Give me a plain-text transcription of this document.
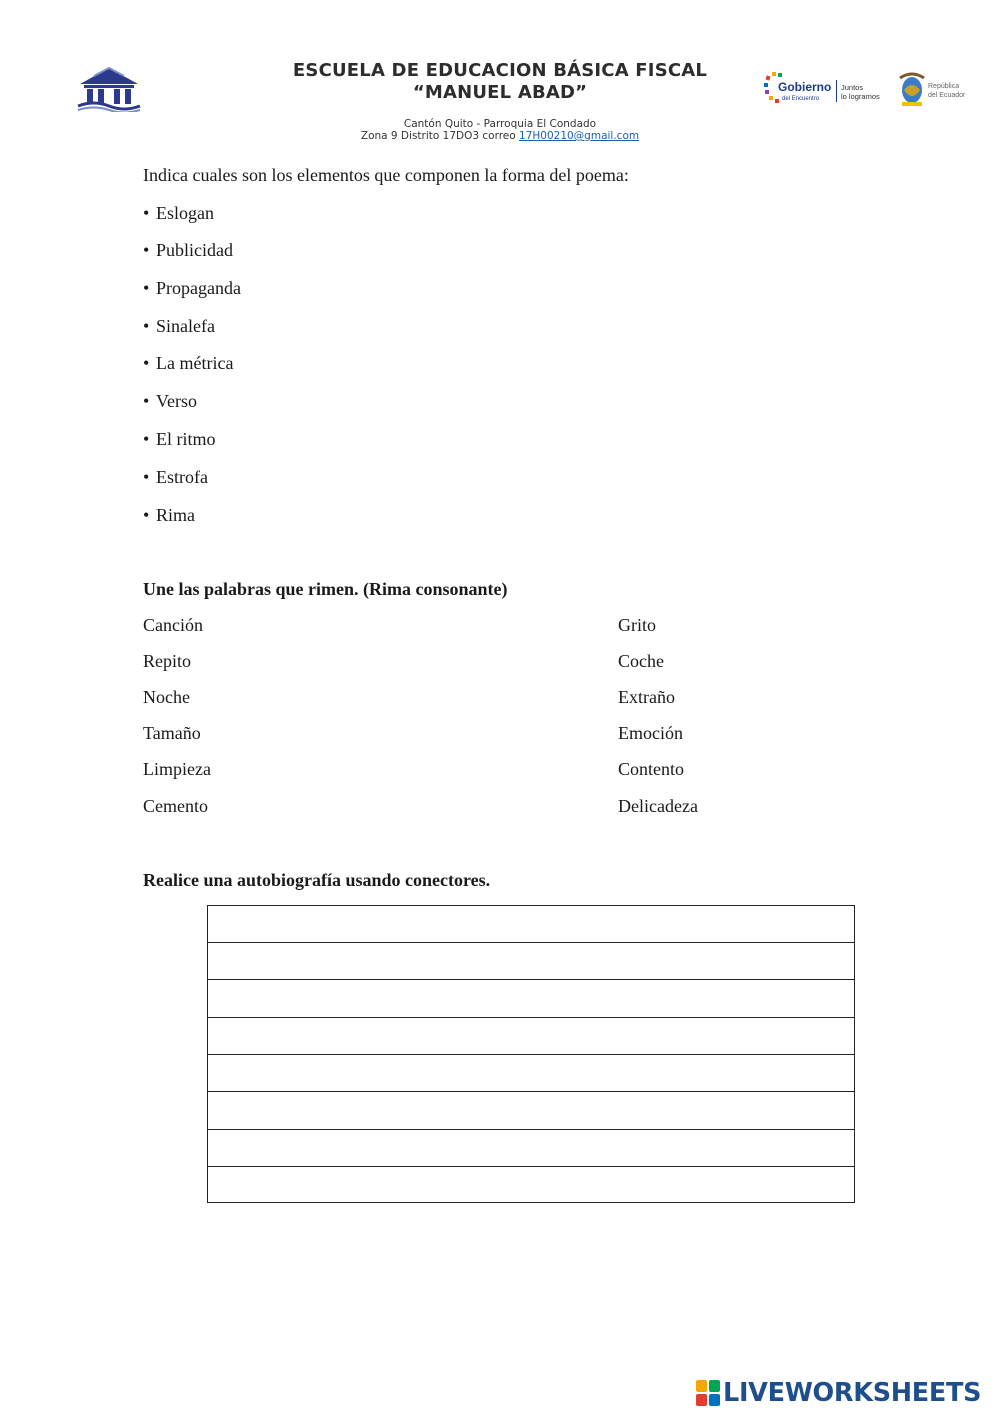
ESCUELA DE EDUCACION BÁSICA FISCAL
“MANUEL ABAD”
Cantón Quito - Parroquia El Condado
Zona 9 Distrito 17DO3 correo 17H00210@gmail.com
Gobierno
del Encuentro
Juntos
lo logramos
República
del Ecuador
Indica cuales son los elementos que componen la forma del poema:
• Eslogan
• Publicidad
• Propaganda
• Sinalefa
• La métrica
• Verso
• El ritmo
• Estrofa
• Rima
Une las palabras que rimen. (Rima consonante)
Canción
Repito
Noche
Tamaño
Limpieza
Cemento
Grito
Coche
Extraño
Emoción
Contento
Delicadeza
Realice una autobiografía usando conectores.
LIVEWORKSHEETS
